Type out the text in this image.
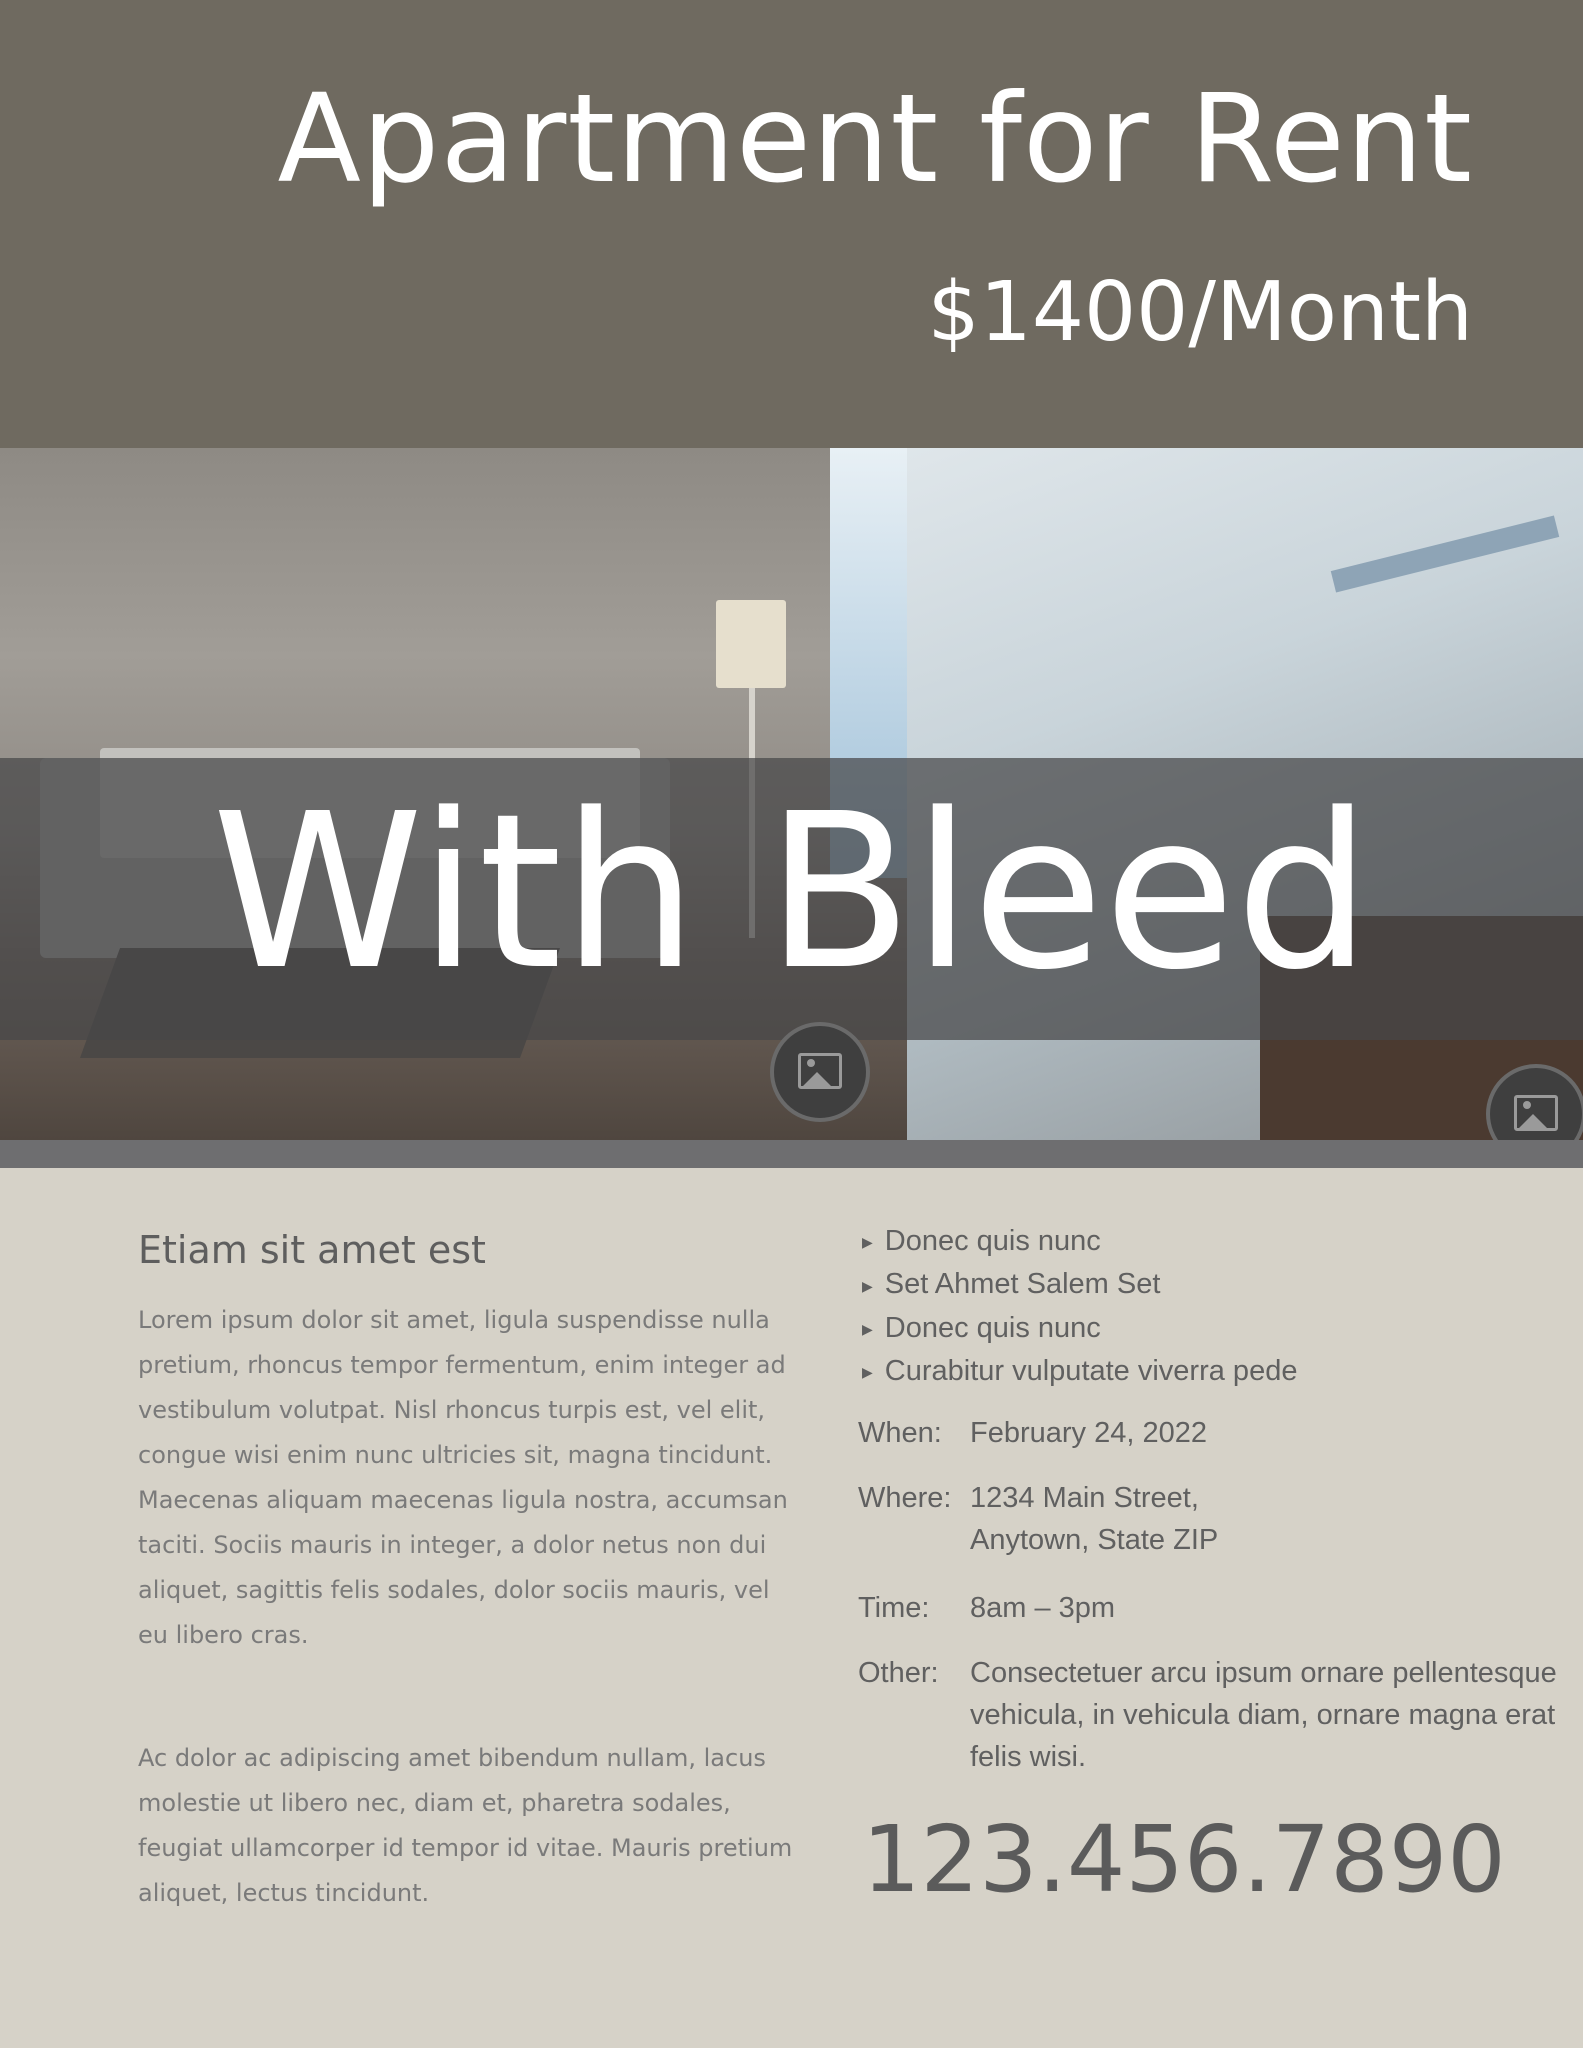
Apartment for Rent
$1400/Month
With Bleed
Etiam sit amet est
Lorem ipsum dolor sit amet, ligula suspendisse nulla pretium, rhoncus tempor fermentum, enim integer ad vestibulum volutpat. Nisl rhoncus turpis est, vel elit, congue wisi enim nunc ultricies sit, magna tincidunt. Maecenas aliquam maecenas ligula nostra, accumsan taciti. Sociis mauris in integer, a dolor netus non dui aliquet, sagittis felis sodales, dolor sociis mauris, vel eu libero cras.
Ac dolor ac adipiscing amet bibendum nullam, lacus molestie ut libero nec, diam et, pharetra sodales, feugiat ullamcorper id tempor id vitae. Mauris pretium aliquet, lectus tincidunt.
▶ Donec quis nunc
▶ Set Ahmet Salem Set
▶ Donec quis nunc
▶ Curabitur vulputate viverra pede
When: February 24, 2022
Where: 1234 Main Street,
Anytown, State ZIP
Time: 8am – 3pm
Other: Consectetuer arcu ipsum ornare pellentesque vehicula, in vehicula diam, ornare magna erat felis wisi.
123.456.7890
